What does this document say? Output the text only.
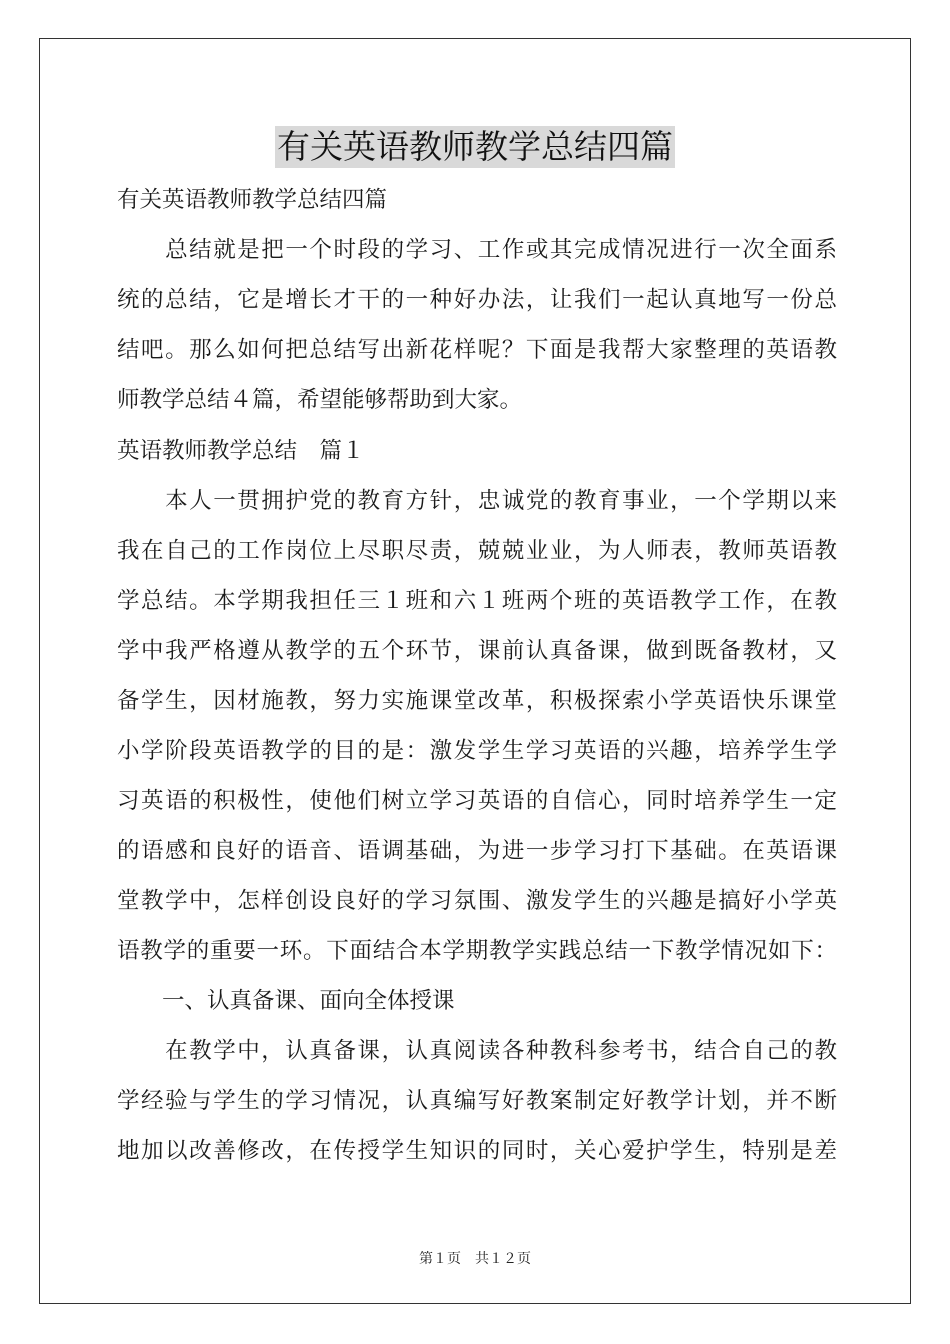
有关英语教师教学总结四篇
有关英语教师教学总结四篇
　　总结就是把一个时段的学习、工作或其完成情况进行一次全面系
统的总结，它是增长才干的一种好办法，让我们一起认真地写一份总
结吧。那么如何把总结写出新花样呢？下面是我帮大家整理的英语教
师教学总结４篇，希望能够帮助到大家。
英语教师教学总结　篇１
　　本人一贯拥护党的教育方针，忠诚党的教育事业，一个学期以来
我在自己的工作岗位上尽职尽责，兢兢业业，为人师表，教师英语教
学总结。本学期我担任三１班和六１班两个班的英语教学工作，在教
学中我严格遵从教学的五个环节，课前认真备课，做到既备教材，又
备学生，因材施教，努力实施课堂改革，积极探索小学英语快乐课堂
小学阶段英语教学的目的是：激发学生学习英语的兴趣，培养学生学
习英语的积极性，使他们树立学习英语的自信心，同时培养学生一定
的语感和良好的语音、语调基础，为进一步学习打下基础。在英语课
堂教学中，怎样创设良好的学习氛围、激发学生的兴趣是搞好小学英
语教学的重要一环。下面结合本学期教学实践总结一下教学情况如下：
　　一、认真备课、面向全体授课
　　在教学中，认真备课，认真阅读各种教科参考书，结合自己的教
学经验与学生的学习情况，认真编写好教案制定好教学计划，并不断
地加以改善修改，在传授学生知识的同时，关心爱护学生，特别是差
第１页　共１２页
